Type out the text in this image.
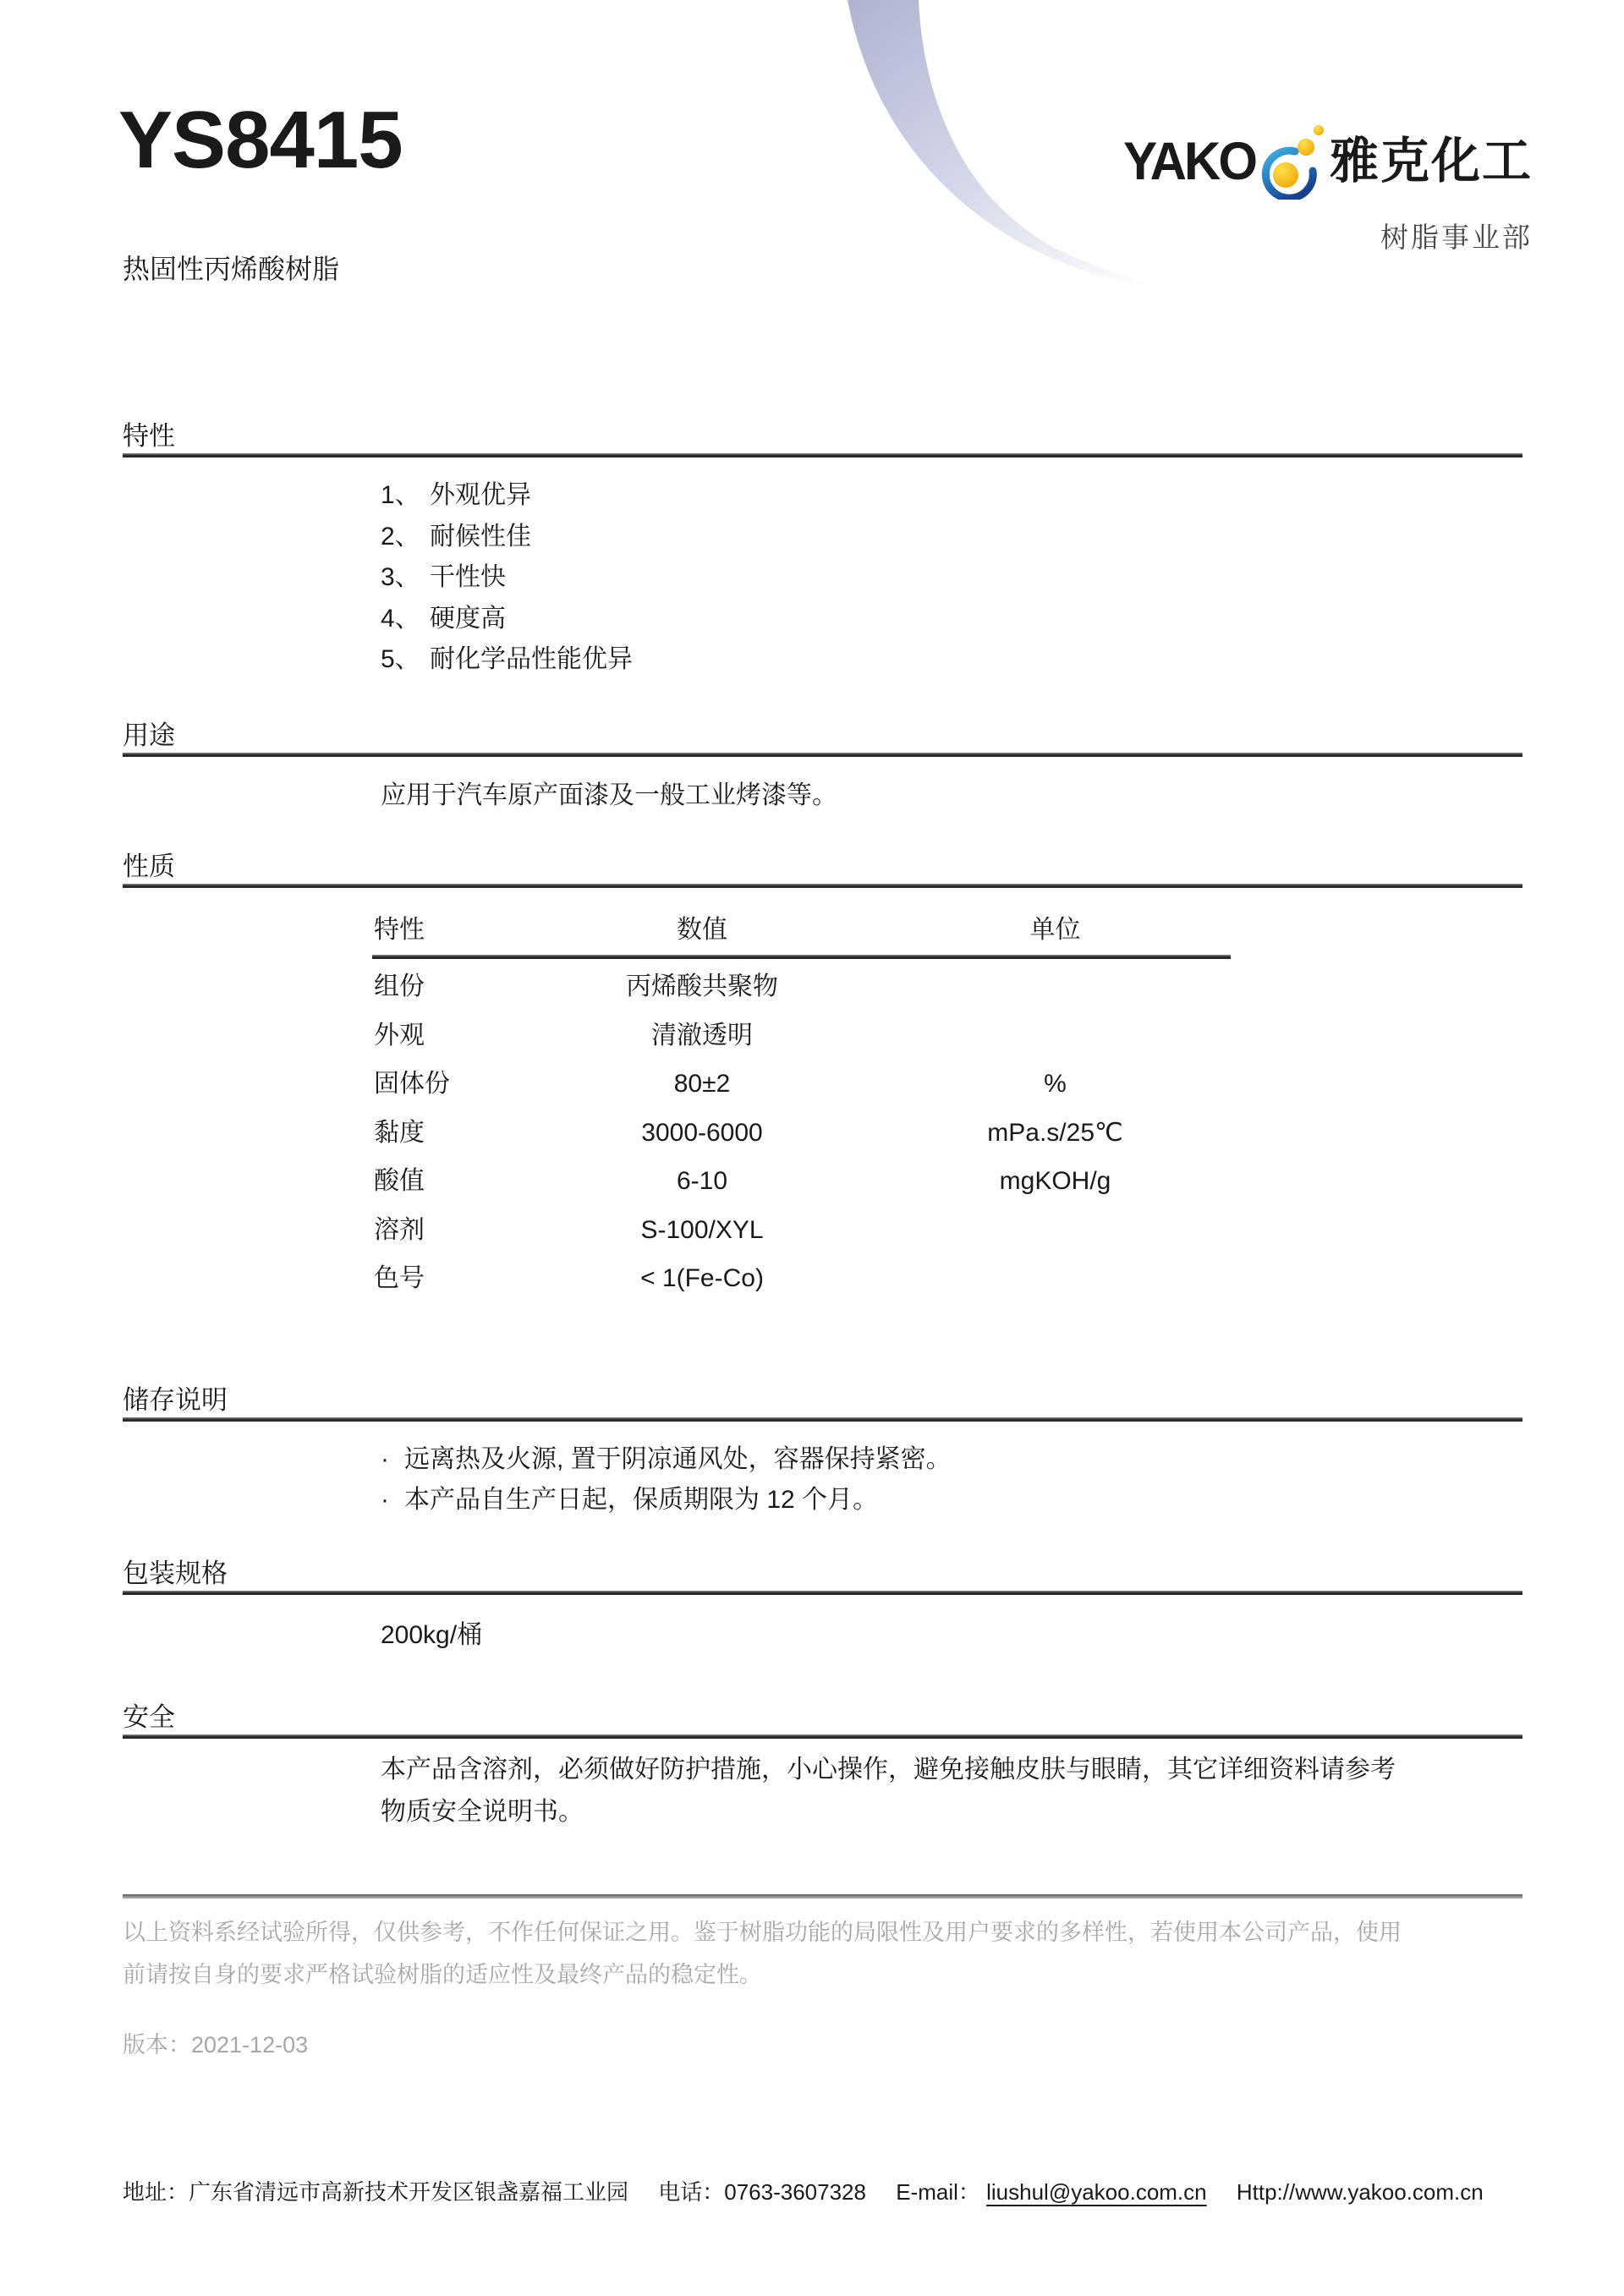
YS8415
热固性丙烯酸树脂
YAKO 雅克化工
树脂事业部
特性
1、 外观优异
2、 耐候性佳
3、 干性快
4、 硬度高
5、 耐化学品性能优异
用途
应用于汽车原产面漆及一般工业烤漆等。
性质
特性	数值	单位
组份	丙烯酸共聚物
外观	清澈透明
固体份	80±2	%
黏度	3000-6000	mPa.s/25℃
酸值	6-10	mgKOH/g
溶剂	S-100/XYL
色号	< 1(Fe-Co)
储存说明
· 远离热及火源, 置于阴凉通风处，容器保持紧密。
· 本产品自生产日起，保质期限为 12 个月。
包装规格
200kg/桶
安全
本产品含溶剂，必须做好防护措施，小心操作，避免接触皮肤与眼睛，其它详细资料请参考
物质安全说明书。
以上资料系经试验所得，仅供参考，不作任何保证之用。鉴于树脂功能的局限性及用户要求的多样性，若使用本公司产品，使用
前请按自身的要求严格试验树脂的适应性及最终产品的稳定性。
版本：2021-12-03
地址：广东省清远市高新技术开发区银盏嘉福工业园 电话：0763-3607328 E-mail： liushul@yakoo.com.cn Http://www.yakoo.com.cn
